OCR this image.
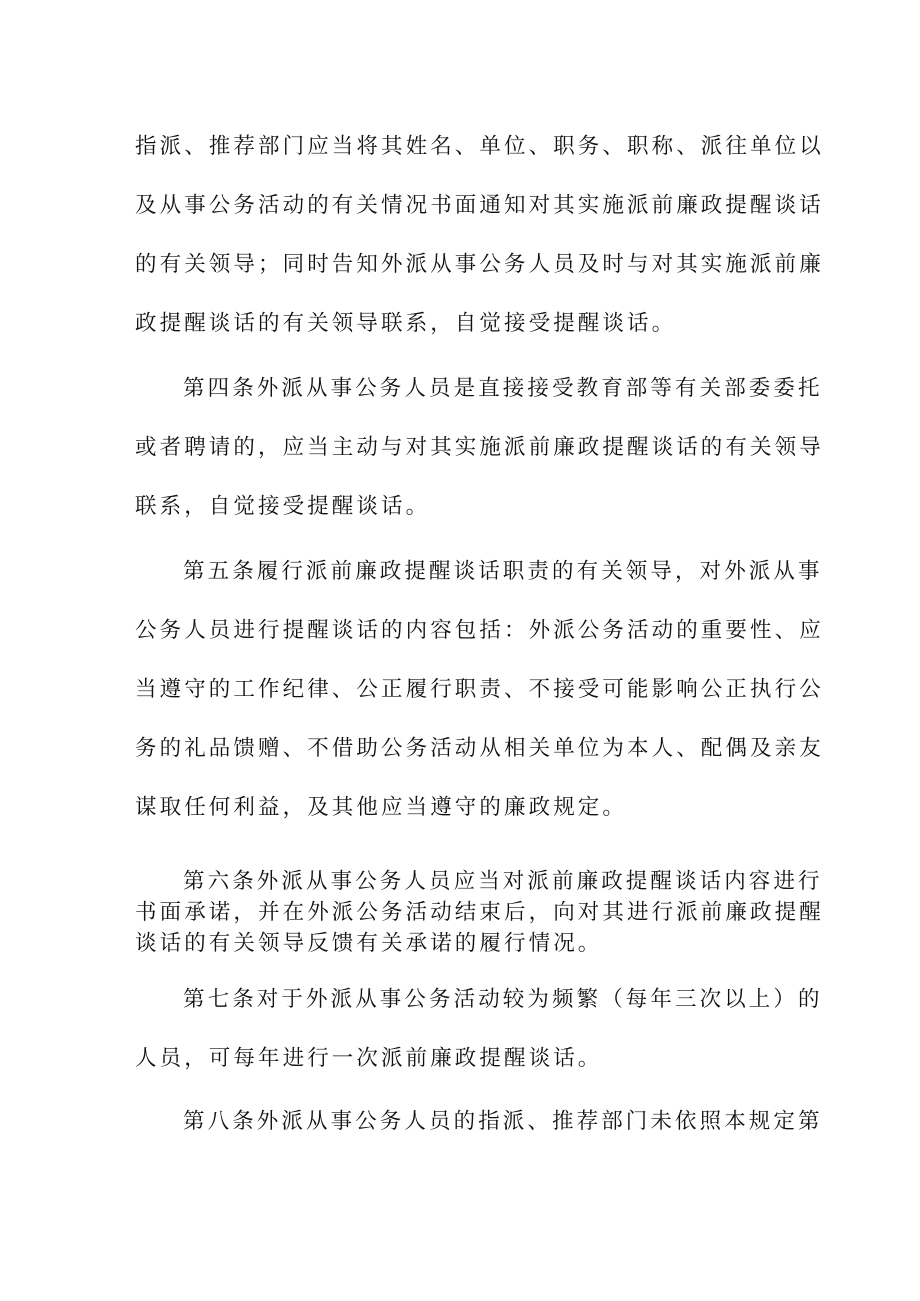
指派、推荐部门应当将其姓名、单位、职务、职称、派往单位以
及从事公务活动的有关情况书面通知对其实施派前廉政提醒谈话
的有关领导；同时告知外派从事公务人员及时与对其实施派前廉
政提醒谈话的有关领导联系，自觉接受提醒谈话。
第四条外派从事公务人员是直接接受教育部等有关部委委托
或者聘请的，应当主动与对其实施派前廉政提醒谈话的有关领导
联系，自觉接受提醒谈话。
第五条履行派前廉政提醒谈话职责的有关领导，对外派从事
公务人员进行提醒谈话的内容包括：外派公务活动的重要性、应
当遵守的工作纪律、公正履行职责、不接受可能影响公正执行公
务的礼品馈赠、不借助公务活动从相关单位为本人、配偶及亲友
谋取任何利益，及其他应当遵守的廉政规定。
第六条外派从事公务人员应当对派前廉政提醒谈话内容进行
书面承诺，并在外派公务活动结束后，向对其进行派前廉政提醒
谈话的有关领导反馈有关承诺的履行情况。
第七条对于外派从事公务活动较为频繁（每年三次以上）的
人员，可每年进行一次派前廉政提醒谈话。
第八条外派从事公务人员的指派、推荐部门未依照本规定第
